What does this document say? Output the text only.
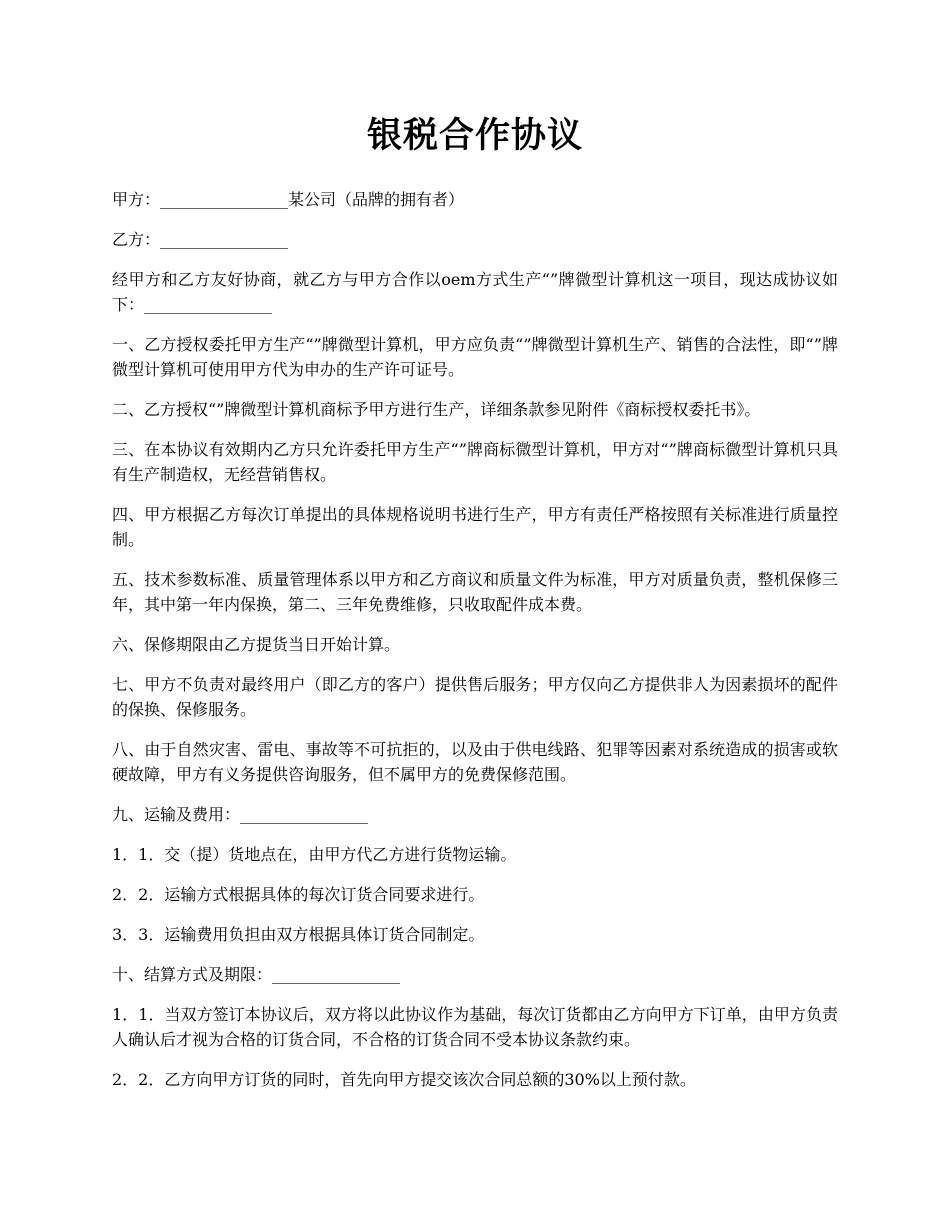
银税合作协议

甲方：________________某公司（品牌的拥有者）

乙方：________________

经甲方和乙方友好协商，就乙方与甲方合作以oem方式生产“”牌微型计算机这一项目，现达成协议如下：________________

一、乙方授权委托甲方生产“”牌微型计算机，甲方应负责“”牌微型计算机生产、销售的合法性，即“”牌微型计算机可使用甲方代为申办的生产许可证号。

二、乙方授权“”牌微型计算机商标予甲方进行生产，详细条款参见附件《商标授权委托书》。

三、在本协议有效期内乙方只允许委托甲方生产“”牌商标微型计算机，甲方对“”牌商标微型计算机只具有生产制造权，无经营销售权。

四、甲方根据乙方每次订单提出的具体规格说明书进行生产，甲方有责任严格按照有关标准进行质量控制。

五、技术参数标准、质量管理体系以甲方和乙方商议和质量文件为标准，甲方对质量负责，整机保修三年，其中第一年内保换，第二、三年免费维修，只收取配件成本费。

六、保修期限由乙方提货当日开始计算。

七、甲方不负责对最终用户（即乙方的客户）提供售后服务；甲方仅向乙方提供非人为因素损坏的配件的保换、保修服务。

八、由于自然灾害、雷电、事故等不可抗拒的，以及由于供电线路、犯罪等因素对系统造成的损害或软硬故障，甲方有义务提供咨询服务，但不属甲方的免费保修范围。

九、运输及费用：________________

1．1．交（提）货地点在，由甲方代乙方进行货物运输。

2．2．运输方式根据具体的每次订货合同要求进行。

3．3．运输费用负担由双方根据具体订货合同制定。

十、结算方式及期限：________________

1．1．当双方签订本协议后，双方将以此协议作为基础，每次订货都由乙方向甲方下订单，由甲方负责人确认后才视为合格的订货合同，不合格的订货合同不受本协议条款约束。

2．2．乙方向甲方订货的同时，首先向甲方提交该次合同总额的30%以上预付款。
